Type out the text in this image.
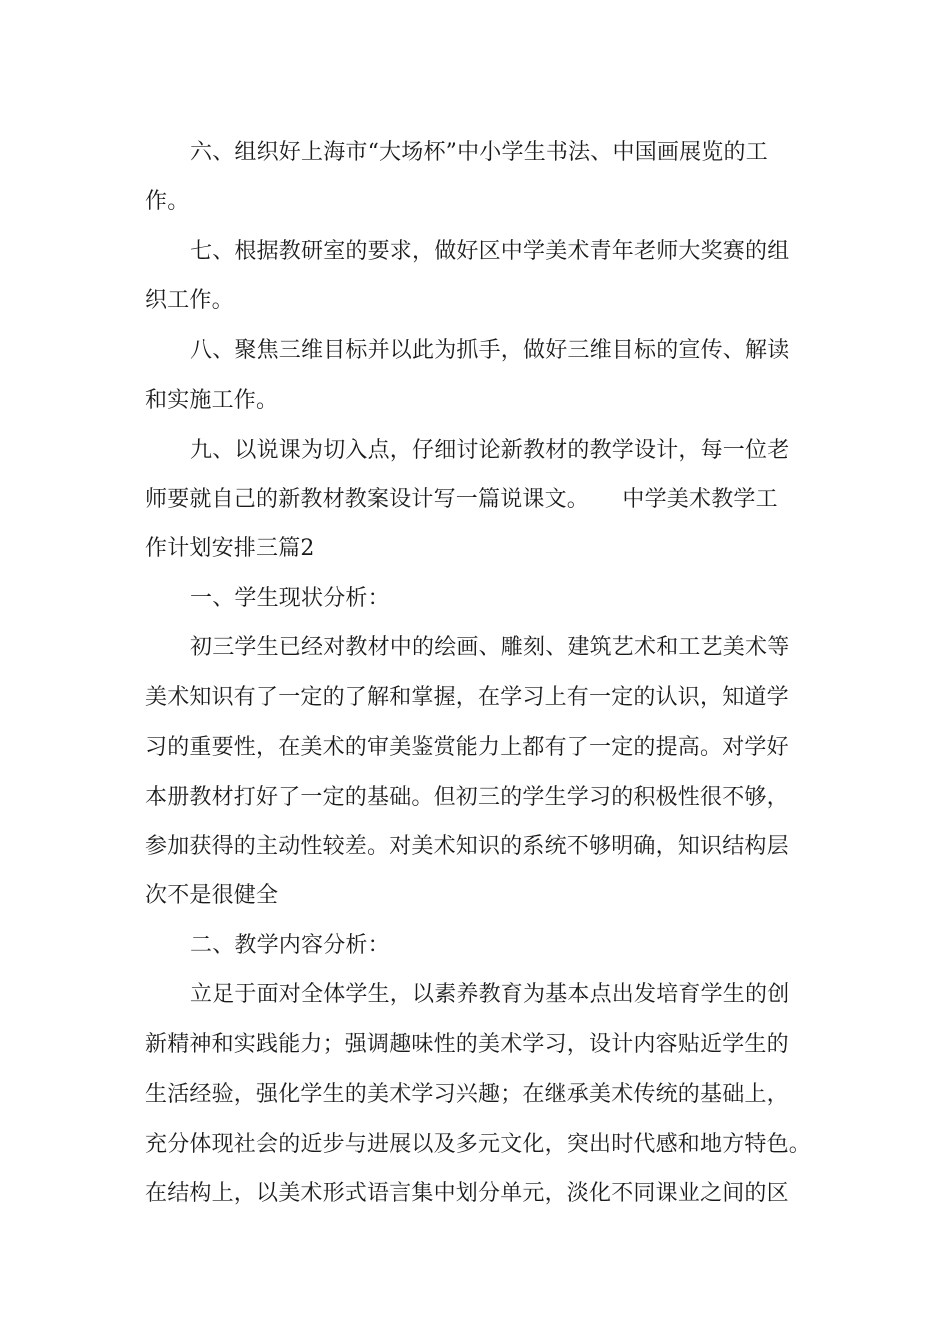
六、组织好上海市“大场杯”中小学生书法、中国画展览的工
作。
七、根据教研室的要求，做好区中学美术青年老师大奖赛的组
织工作。
八、聚焦三维目标并以此为抓手，做好三维目标的宣传、解读
和实施工作。
九、以说课为切入点，仔细讨论新教材的教学设计，每一位老
师要就自己的新教材教案设计写一篇说课文。　　中学美术教学工
作计划安排三篇2
一、学生现状分析：
初三学生已经对教材中的绘画、雕刻、建筑艺术和工艺美术等
美术知识有了一定的了解和掌握，在学习上有一定的认识，知道学
习的重要性，在美术的审美鉴赏能力上都有了一定的提高。对学好
本册教材打好了一定的基础。但初三的学生学习的积极性很不够，
参加获得的主动性较差。对美术知识的系统不够明确，知识结构层
次不是很健全
二、教学内容分析：
立足于面对全体学生，以素养教育为基本点出发培育学生的创
新精神和实践能力；强调趣味性的美术学习，设计内容贴近学生的
生活经验，强化学生的美术学习兴趣；在继承美术传统的基础上，
充分体现社会的近步与进展以及多元文化，突出时代感和地方特色。
在结构上，以美术形式语言集中划分单元，淡化不同课业之间的区
